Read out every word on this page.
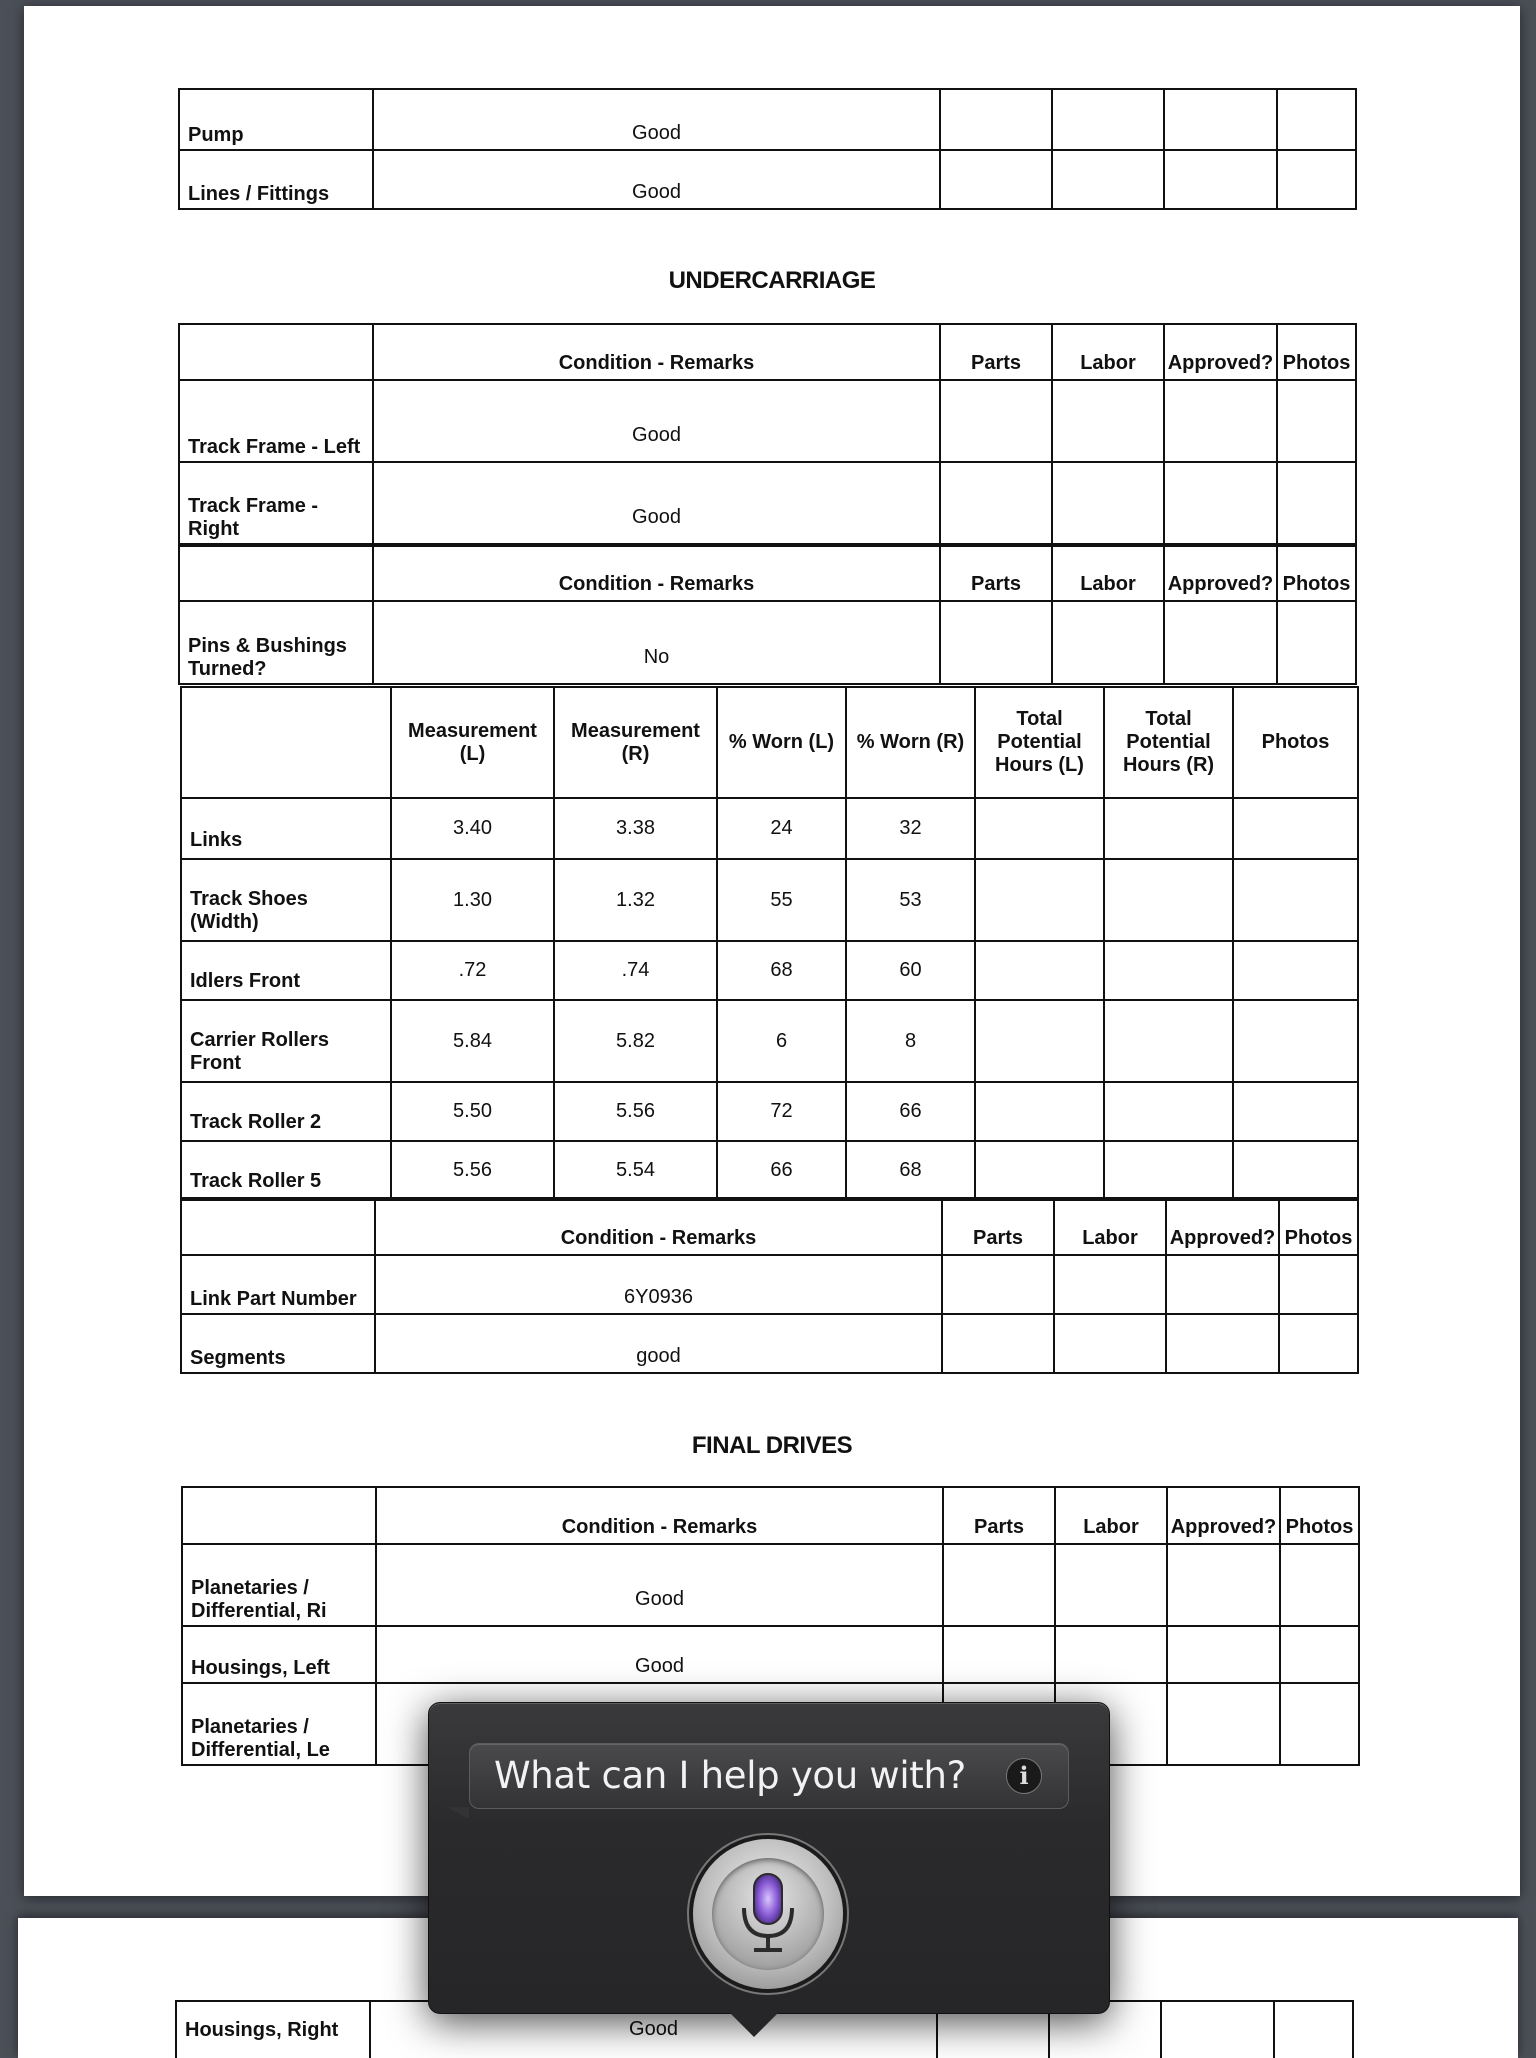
Pump	Good				
Lines / Fittings	Good				
UNDERCARRIAGE
	Condition - Remarks	Parts	Labor	Approved?	Photos
Track Frame - Left	Good				
Track Frame - Right	Good				
	Condition - Remarks	Parts	Labor	Approved?	Photos
Pins & Bushings Turned?	No				
	Measurement (L)	Measurement (R)	% Worn (L)	% Worn (R)	Total Potential Hours (L)	Total Potential Hours (R)	Photos
Links	3.40	3.38	24	32			
Track Shoes (Width)	1.30	1.32	55	53			
Idlers Front	.72	.74	68	60			
Carrier Rollers Front	5.84	5.82	6	8			
Track Roller 2	5.50	5.56	72	66			
Track Roller 5	5.56	5.54	66	68			
	Condition - Remarks	Parts	Labor	Approved?	Photos
Link Part Number	6Y0936				
Segments	good				
FINAL DRIVES
	Condition - Remarks	Parts	Labor	Approved?	Photos
Planetaries / Differential, Ri	Good				
Housings, Left	Good				
Planetaries / Differential, Le					
Housings, Right	Good				
What can I help you with?	i
